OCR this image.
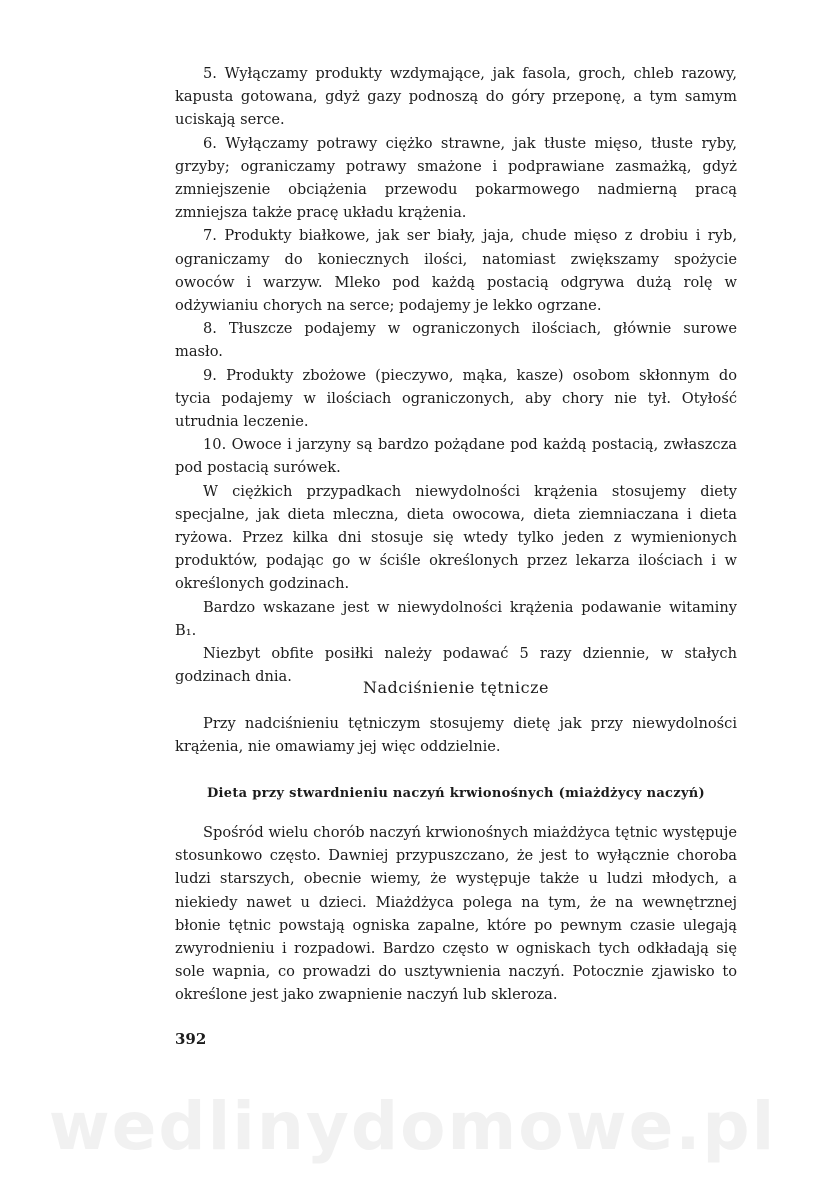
5. Wyłączamy produkty wzdymające, jak fasola, groch, chleb razowy, kapusta gotowana, gdyż gazy podnoszą do góry przeponę, a tym samym uciskają serce.

6. Wyłączamy potrawy ciężko strawne, jak tłuste mięso, tłuste ryby, grzyby; ograniczamy potrawy smażone i podprawiane zasmażką, gdyż zmniejszenie obciążenia przewodu pokarmowego nadmierną pracą zmniejsza także pracę układu krążenia.

7. Produkty białkowe, jak ser biały, jaja, chude mięso z drobiu i ryb, ograniczamy do koniecznych ilości, natomiast zwiększamy spożycie owoców i warzyw. Mleko pod każdą postacią odgrywa dużą rolę w odżywianiu chorych na serce; podajemy je lekko ogrzane.

8. Tłuszcze podajemy w ograniczonych ilościach, głównie surowe masło.

9. Produkty zbożowe (pieczywo, mąka, kasze) osobom skłonnym do tycia podajemy w ilościach ograniczonych, aby chory nie tył. Otyłość utrudnia leczenie.

10. Owoce i jarzyny są bardzo pożądane pod każdą postacią, zwłaszcza pod postacią surówek.

W ciężkich przypadkach niewydolności krążenia stosujemy diety specjalne, jak dieta mleczna, dieta owocowa, dieta ziemniaczana i dieta ryżowa. Przez kilka dni stosuje się wtedy tylko jeden z wymienionych produktów, podając go w ściśle określonych przez lekarza ilościach i w określonych godzinach.

Bardzo wskazane jest w niewydolności krążenia podawanie witaminy B₁.

Niezbyt obfite posiłki należy podawać 5 razy dziennie, w stałych godzinach dnia.

Nadciśnienie tętnicze

Przy nadciśnieniu tętniczym stosujemy dietę jak przy niewydolności krążenia, nie omawiamy jej więc oddzielnie.

Dieta przy stwardnieniu naczyń krwionośnych (miażdżycy naczyń)

Spośród wielu chorób naczyń krwionośnych miażdżyca tętnic występuje stosunkowo często. Dawniej przypuszczano, że jest to wyłącznie choroba ludzi starszych, obecnie wiemy, że występuje także u ludzi młodych, a niekiedy nawet u dzieci. Miażdżyca polega na tym, że na wewnętrznej błonie tętnic powstają ogniska zapalne, które po pewnym czasie ulegają zwyrodnieniu i rozpadowi. Bardzo często w ogniskach tych odkładają się sole wapnia, co prowadzi do usztywnienia naczyń. Potocznie zjawisko to określone jest jako zwapnienie naczyń lub skleroza.

392
wedlinydomowe.pl
